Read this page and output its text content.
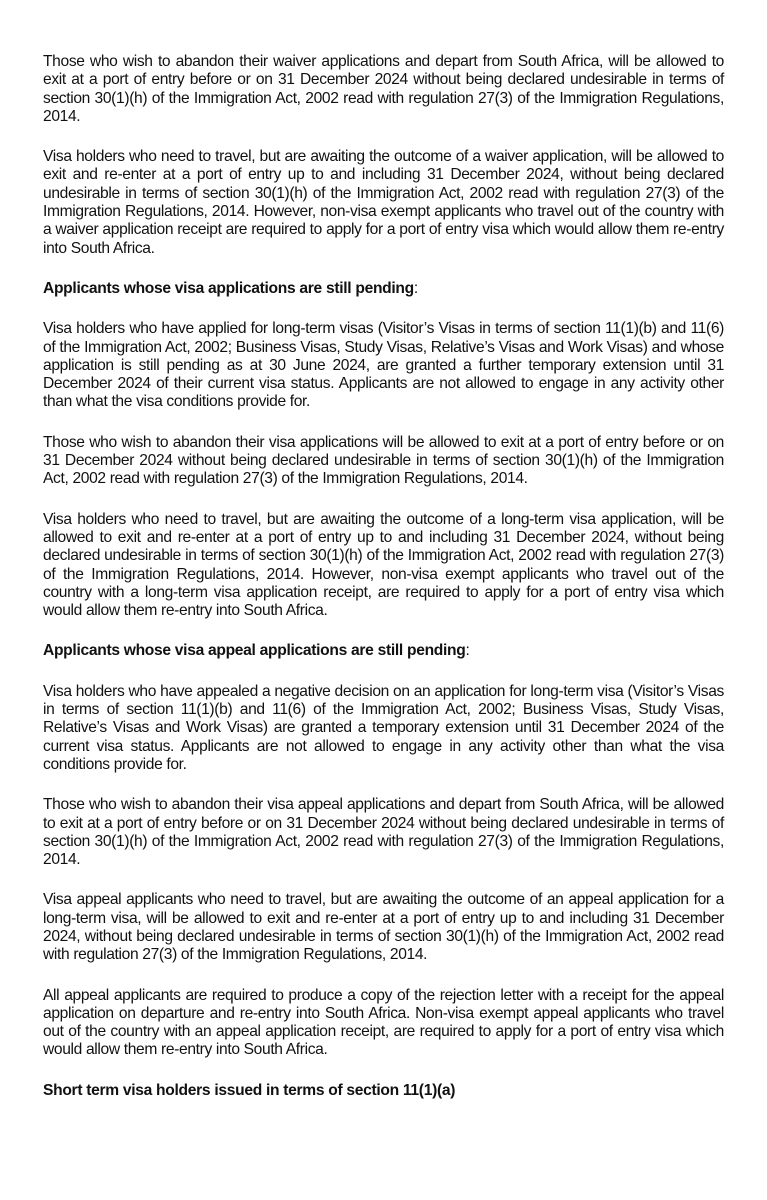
Those who wish to abandon their waiver applications and depart from South Africa, will be allowed to exit at a port of entry before or on 31 December 2024 without being declared undesirable in terms of section 30(1)(h) of the Immigration Act, 2002 read with regulation 27(3) of the Immigration Regulations, 2014.

Visa holders who need to travel, but are awaiting the outcome of a waiver application, will be allowed to exit and re-enter at a port of entry up to and including 31 December 2024, without being declared undesirable in terms of section 30(1)(h) of the Immigration Act, 2002 read with regulation 27(3) of the Immigration Regulations, 2014. However, non-visa exempt applicants who travel out of the country with a waiver application receipt are required to apply for a port of entry visa which would allow them re-entry into South Africa.

Applicants whose visa applications are still pending:

Visa holders who have applied for long-term visas (Visitor’s Visas in terms of section 11(1)(b) and 11(6) of the Immigration Act, 2002; Business Visas, Study Visas, Relative’s Visas and Work Visas) and whose application is still pending as at 30 June 2024, are granted a further temporary extension until 31 December 2024 of their current visa status. Applicants are not allowed to engage in any activity other than what the visa conditions provide for.

Those who wish to abandon their visa applications will be allowed to exit at a port of entry before or on 31 December 2024 without being declared undesirable in terms of section 30(1)(h) of the Immigration Act, 2002 read with regulation 27(3) of the Immigration Regulations, 2014.

Visa holders who need to travel, but are awaiting the outcome of a long-term visa application, will be allowed to exit and re-enter at a port of entry up to and including 31 December 2024, without being declared undesirable in terms of section 30(1)(h) of the Immigration Act, 2002 read with regulation 27(3) of the Immigration Regulations, 2014. However, non-visa exempt applicants who travel out of the country with a long-term visa application receipt, are required to apply for a port of entry visa which would allow them re-entry into South Africa.

Applicants whose visa appeal applications are still pending:

Visa holders who have appealed a negative decision on an application for long-term visa (Visitor’s Visas in terms of section 11(1)(b) and 11(6) of the Immigration Act, 2002; Business Visas, Study Visas, Relative’s Visas and Work Visas) are granted a temporary extension until 31 December 2024 of the current visa status. Applicants are not allowed to engage in any activity other than what the visa conditions provide for.

Those who wish to abandon their visa appeal applications and depart from South Africa, will be allowed to exit at a port of entry before or on 31 December 2024 without being declared undesirable in terms of section 30(1)(h) of the Immigration Act, 2002 read with regulation 27(3) of the Immigration Regulations, 2014.

Visa appeal applicants who need to travel, but are awaiting the outcome of an appeal application for a long-term visa, will be allowed to exit and re-enter at a port of entry up to and including 31 December 2024, without being declared undesirable in terms of section 30(1)(h) of the Immigration Act, 2002 read with regulation 27(3) of the Immigration Regulations, 2014.

All appeal applicants are required to produce a copy of the rejection letter with a receipt for the appeal application on departure and re-entry into South Africa. Non-visa exempt appeal applicants who travel out of the country with an appeal application receipt, are required to apply for a port of entry visa which would allow them re-entry into South Africa.

Short term visa holders issued in terms of section 11(1)(a)
